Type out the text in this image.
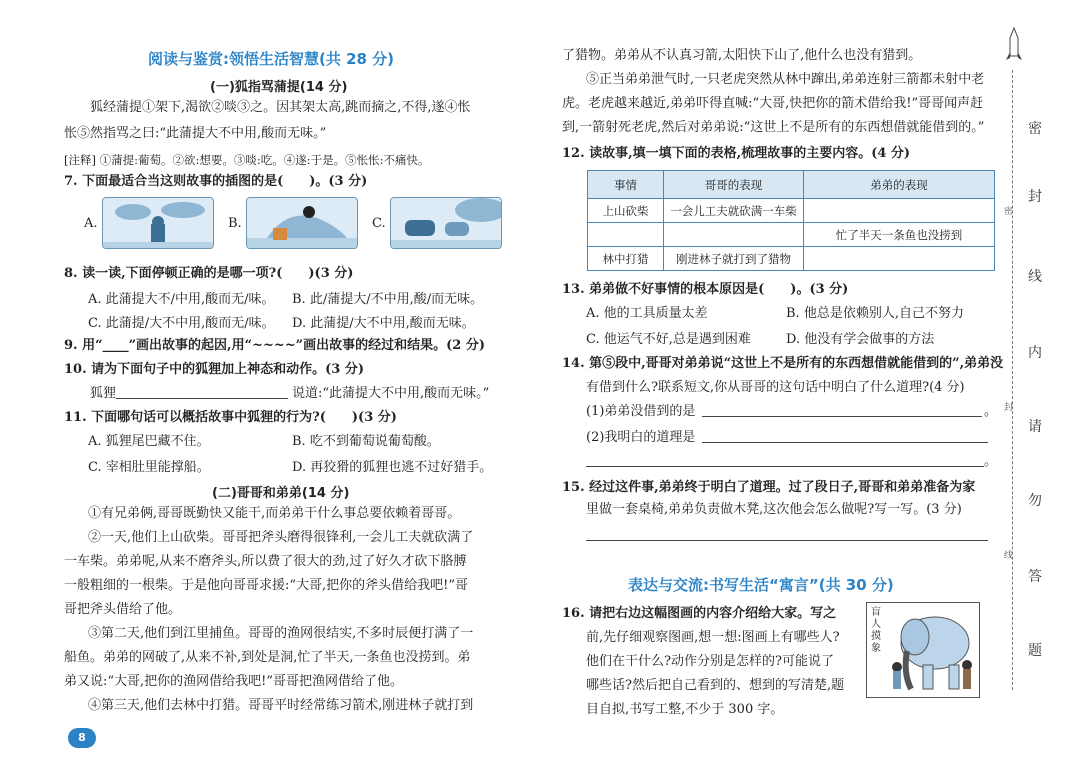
阅读与鉴赏:领悟生活智慧(共 28 分)
(一)狐指骂蒲提(14 分)
狐经蒲提①架下,渴欲②啖③之。因其架太高,跳而摘之,不得,遂④怅
怅⑤然指骂之曰:“此蒲提大不中用,酸而无味。”
[注释] ①蒲提:葡萄。②欲:想要。③啖:吃。④遂:于是。⑤怅怅:不痛快。
7. 下面最适合当这则故事的插图的是(　　)。(3 分)
A.	B.	C.
8. 读一读,下面停顿正确的是哪一项?(　　)(3 分)
A. 此蒲提大不/中用,酸而无/味。 B. 此/蒲提大/不中用,酸/而无味。
C. 此蒲提/大不中用,酸而无/味。 D. 此蒲提/大不中用,酸而无味。
9. 用“____”画出故事的起因,用“~~~~”画出故事的经过和结果。(2 分)
10. 请为下面句子中的狐狸加上神态和动作。(3 分)
狐狸	说道:“此蒲提大不中用,酸而无味。”
11. 下面哪句话可以概括故事中狐狸的行为?(　　)(3 分)
A. 狐狸尾巴藏不住。	B. 吃不到葡萄说葡萄酸。
C. 宰相肚里能撑船。	D. 再狡猾的狐狸也逃不过好猎手。
(二)哥哥和弟弟(14 分)
①有兄弟俩,哥哥既勤快又能干,而弟弟干什么事总要依赖着哥哥。
②一天,他们上山砍柴。哥哥把斧头磨得很锋利,一会儿工夫就砍满了
一车柴。弟弟呢,从来不磨斧头,所以费了很大的劲,过了好久才砍下胳膊
一般粗细的一根柴。于是他向哥哥求援:“大哥,把你的斧头借给我吧!”哥
哥把斧头借给了他。
③第二天,他们到江里捕鱼。哥哥的渔网很结实,不多时辰便打满了一
船鱼。弟弟的网破了,从来不补,到处是洞,忙了半天,一条鱼也没捞到。弟
弟又说:“大哥,把你的渔网借给我吧!”哥哥把渔网借给了他。
④第三天,他们去林中打猎。哥哥平时经常练习箭术,刚进林子就打到
8
了猎物。弟弟从不认真习箭,太阳快下山了,他什么也没有猎到。
⑤正当弟弟泄气时,一只老虎突然从林中蹿出,弟弟连射三箭都未射中老
虎。老虎越来越近,弟弟吓得直喊:“大哥,快把你的箭术借给我!”哥哥闻声赶
到,一箭射死老虎,然后对弟弟说:“这世上不是所有的东西想借就能借到的。”
12. 读故事,填一填下面的表格,梳理故事的主要内容。(4 分)
事情	哥哥的表现	弟弟的表现
上山砍柴	一会儿工夫就砍满一车柴	
		忙了半天一条鱼也没捞到
林中打猎	刚进林子就打到了猎物	
13. 弟弟做不好事情的根本原因是(　　)。(3 分)
A. 他的工具质量太差	B. 他总是依赖别人,自己不努力
C. 他运气不好,总是遇到困难	D. 他没有学会做事的方法
14. 第⑤段中,哥哥对弟弟说“这世上不是所有的东西想借就能借到的”,弟弟没
有借到什么?联系短文,你从哥哥的这句话中明白了什么道理?(4 分)
(1)弟弟没借到的是	。
(2)我明白的道理是
。
15. 经过这件事,弟弟终于明白了道理。过了段日子,哥哥和弟弟准备为家
里做一套桌椅,弟弟负责做木凳,这次他会怎么做呢?写一写。(3 分)
表达与交流:书写生活“寓言”(共 30 分)
16. 请把右边这幅图画的内容介绍给大家。写之
前,先仔细观察图画,想一想:图画上有哪些人?
他们在干什么?动作分别是怎样的?可能说了
哪些话?然后把自己看到的、想到的写清楚,题
目自拟,书写工整,不少于 300 字。
盲人摸象
密
封
线
内
请
勿
答
题
密
封
线
